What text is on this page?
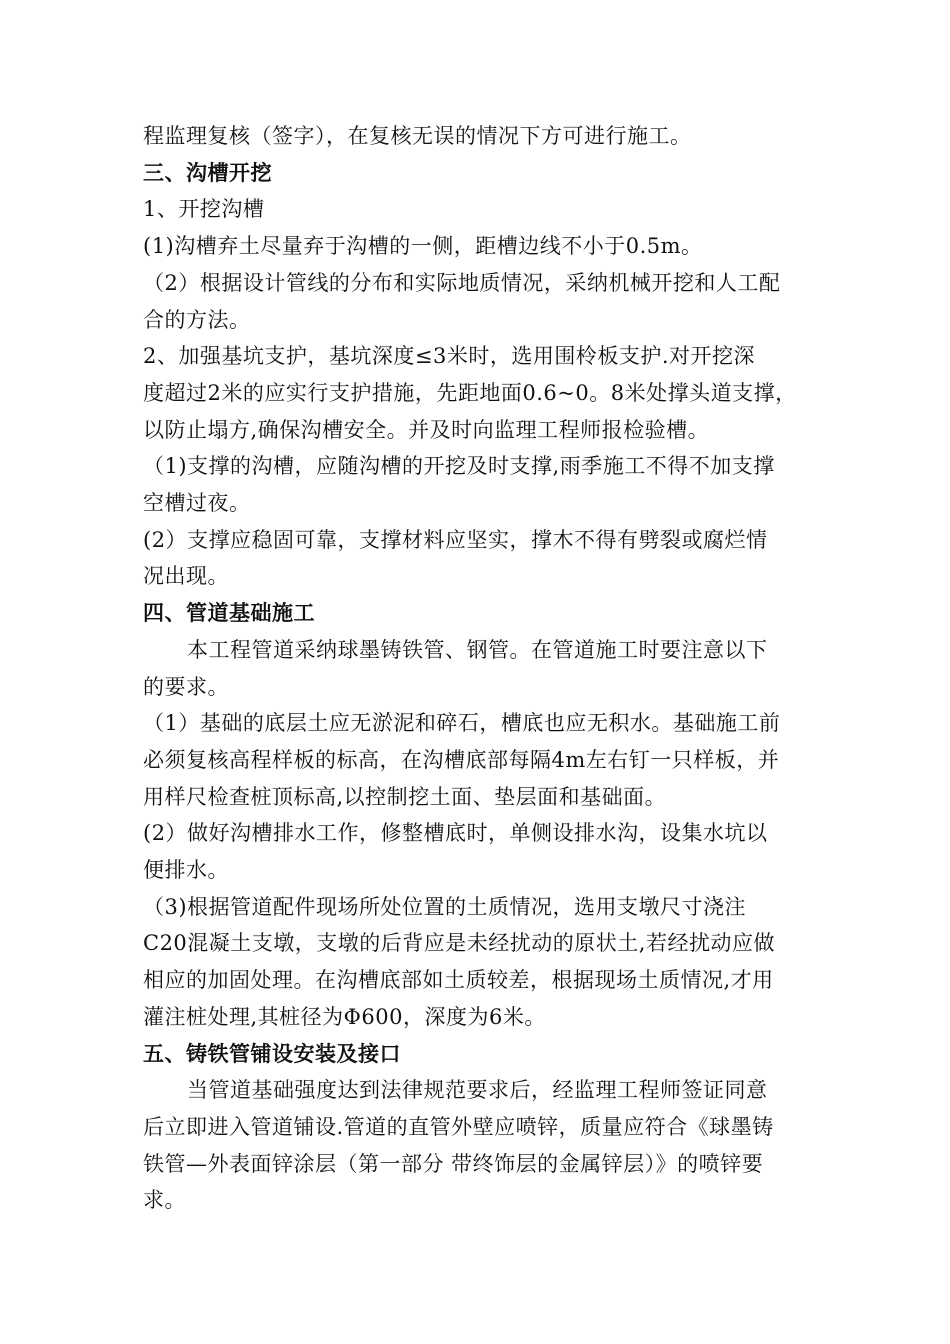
程监理复核（签字），在复核无误的情况下方可进行施工。
三、沟槽开挖
1、开挖沟槽
(1)沟槽弃土尽量弃于沟槽的一侧，距槽边线不小于0.5m。
（2）根据设计管线的分布和实际地质情况，采纳机械开挖和人工配
合的方法。
2、加强基坑支护，基坑深度≤3米时，选用围柃板支护.对开挖深
度超过2米的应实行支护措施，先距地面0.6~0。8米处撑头道支撑，
以防止塌方,确保沟槽安全。并及时向监理工程师报检验槽。
（1)支撑的沟槽，应随沟槽的开挖及时支撑,雨季施工不得不加支撑
空槽过夜。
(2）支撑应稳固可靠，支撑材料应坚实，撑木不得有劈裂或腐烂情
况出现。
四、管道基础施工
本工程管道采纳球墨铸铁管、钢管。在管道施工时要注意以下
的要求。
（1）基础的底层土应无淤泥和碎石，槽底也应无积水。基础施工前
必须复核高程样板的标高，在沟槽底部每隔4m左右钉一只样板，并
用样尺检查桩顶标高,以控制挖土面、垫层面和基础面。
(2）做好沟槽排水工作，修整槽底时，单侧设排水沟，设集水坑以
便排水。
（3)根据管道配件现场所处位置的土质情况，选用支墩尺寸浇注
C20混凝土支墩，支墩的后背应是未经扰动的原状土,若经扰动应做
相应的加固处理。在沟槽底部如土质较差，根据现场土质情况,才用
灌注桩处理,其桩径为Φ600，深度为6米。
五、铸铁管铺设安装及接口
当管道基础强度达到法律规范要求后，经监理工程师签证同意
后立即进入管道铺设.管道的直管外壁应喷锌，质量应符合《球墨铸
铁管—外表面锌涂层（第一部分 带终饰层的金属锌层）》的喷锌要
求。
